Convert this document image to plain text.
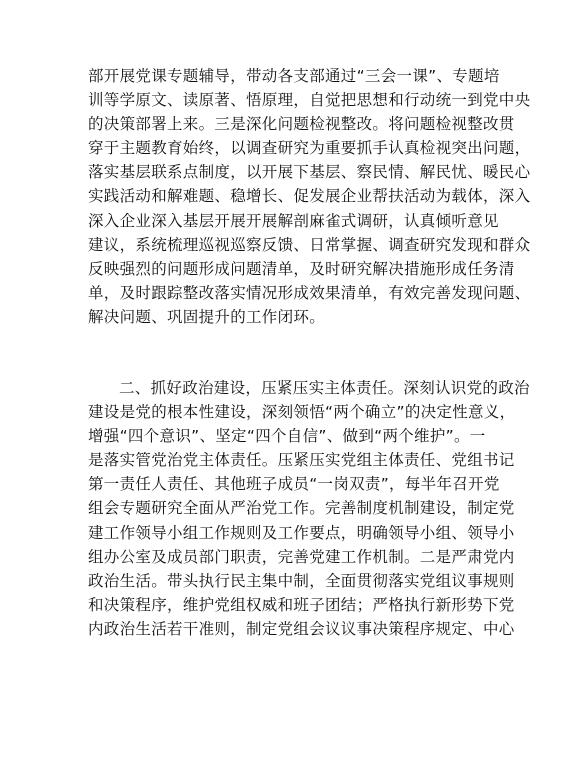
部开展党课专题辅导，带动各支部通过“三会一课”、专题培
训等学原文、读原著、悟原理，自觉把思想和行动统一到党中央
的决策部署上来。三是深化问题检视整改。将问题检视整改贯
穿于主题教育始终，以调查研究为重要抓手认真检视突出问题，
落实基层联系点制度，以开展下基层、察民情、解民忧、暖民心
实践活动和解难题、稳增长、促发展企业帮扶活动为载体，深入
深入企业深入基层开展开展解剖麻雀式调研，认真倾听意见
建议，系统梳理巡视巡察反馈、日常掌握、调查研究发现和群众
反映强烈的问题形成问题清单，及时研究解决措施形成任务清
单，及时跟踪整改落实情况形成效果清单，有效完善发现问题、
解决问题、巩固提升的工作闭环。
二、抓好政治建设，压紧压实主体责任。深刻认识党的政治
建设是党的根本性建设，深刻领悟“两个确立”的决定性意义，
增强“四个意识”、坚定“四个自信”、做到“两个维护”。一
是落实管党治党主体责任。压紧压实党组主体责任、党组书记
第一责任人责任、其他班子成员“一岗双责”，每半年召开党
组会专题研究全面从严治党工作。完善制度机制建设，制定党
建工作领导小组工作规则及工作要点，明确领导小组、领导小
组办公室及成员部门职责，完善党建工作机制。二是严肃党内
政治生活。带头执行民主集中制，全面贯彻落实党组议事规则
和决策程序，维护党组权威和班子团结；严格执行新形势下党
内政治生活若干准则，制定党组会议议事决策程序规定、中心
